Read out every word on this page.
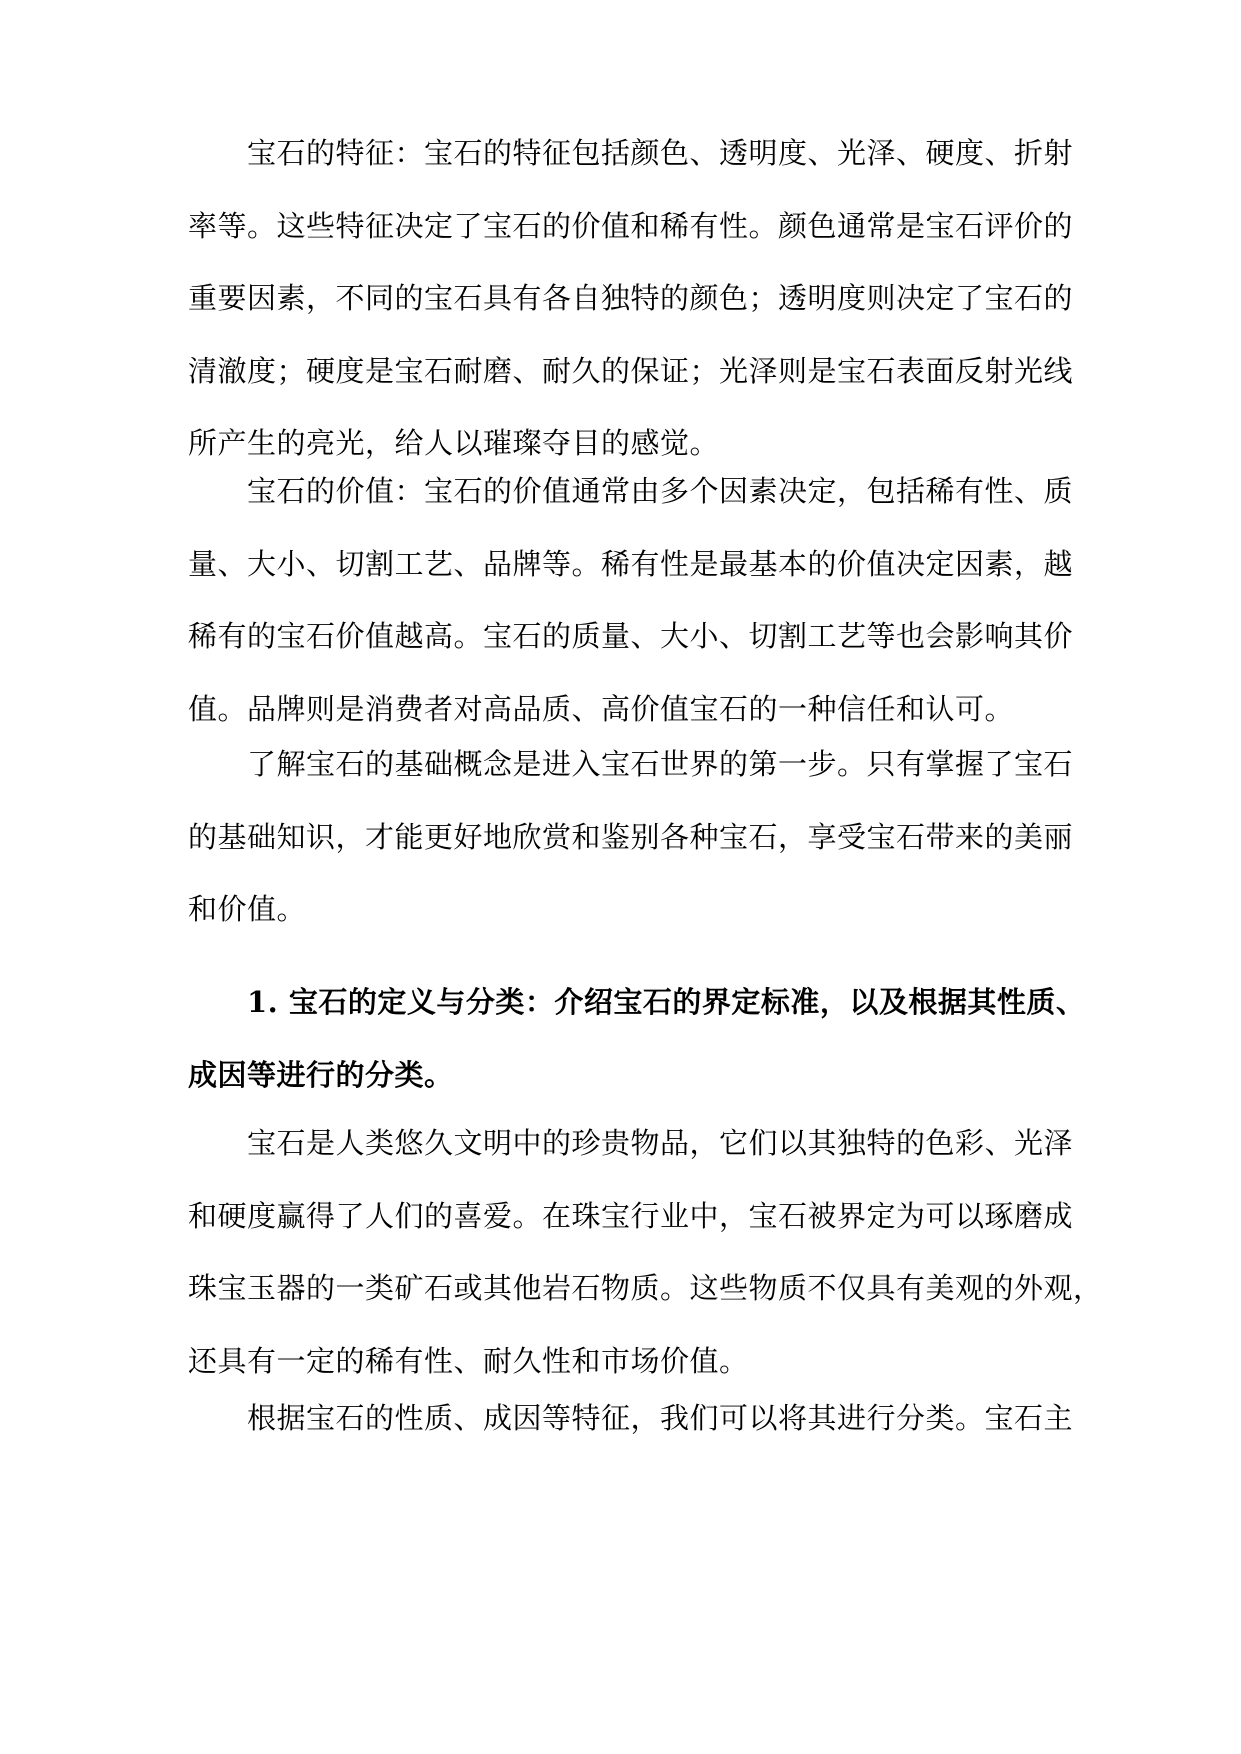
　　宝石的特征：宝石的特征包括颜色、透明度、光泽、硬度、折射
率等。这些特征决定了宝石的价值和稀有性。颜色通常是宝石评价的
重要因素，不同的宝石具有各自独特的颜色；透明度则决定了宝石的
清澈度；硬度是宝石耐磨、耐久的保证；光泽则是宝石表面反射光线
所产生的亮光，给人以璀璨夺目的感觉。
　　宝石的价值：宝石的价值通常由多个因素决定，包括稀有性、质
量、大小、切割工艺、品牌等。稀有性是最基本的价值决定因素，越
稀有的宝石价值越高。宝石的质量、大小、切割工艺等也会影响其价
值。品牌则是消费者对高品质、高价值宝石的一种信任和认可。
　　了解宝石的基础概念是进入宝石世界的第一步。只有掌握了宝石
的基础知识，才能更好地欣赏和鉴别各种宝石，享受宝石带来的美丽
和价值。
　　1. 宝石的定义与分类：介绍宝石的界定标准，以及根据其性质、
成因等进行的分类。
　　宝石是人类悠久文明中的珍贵物品，它们以其独特的色彩、光泽
和硬度赢得了人们的喜爱。在珠宝行业中，宝石被界定为可以琢磨成
珠宝玉器的一类矿石或其他岩石物质。这些物质不仅具有美观的外观，
还具有一定的稀有性、耐久性和市场价值。
　　根据宝石的性质、成因等特征，我们可以将其进行分类。宝石主
